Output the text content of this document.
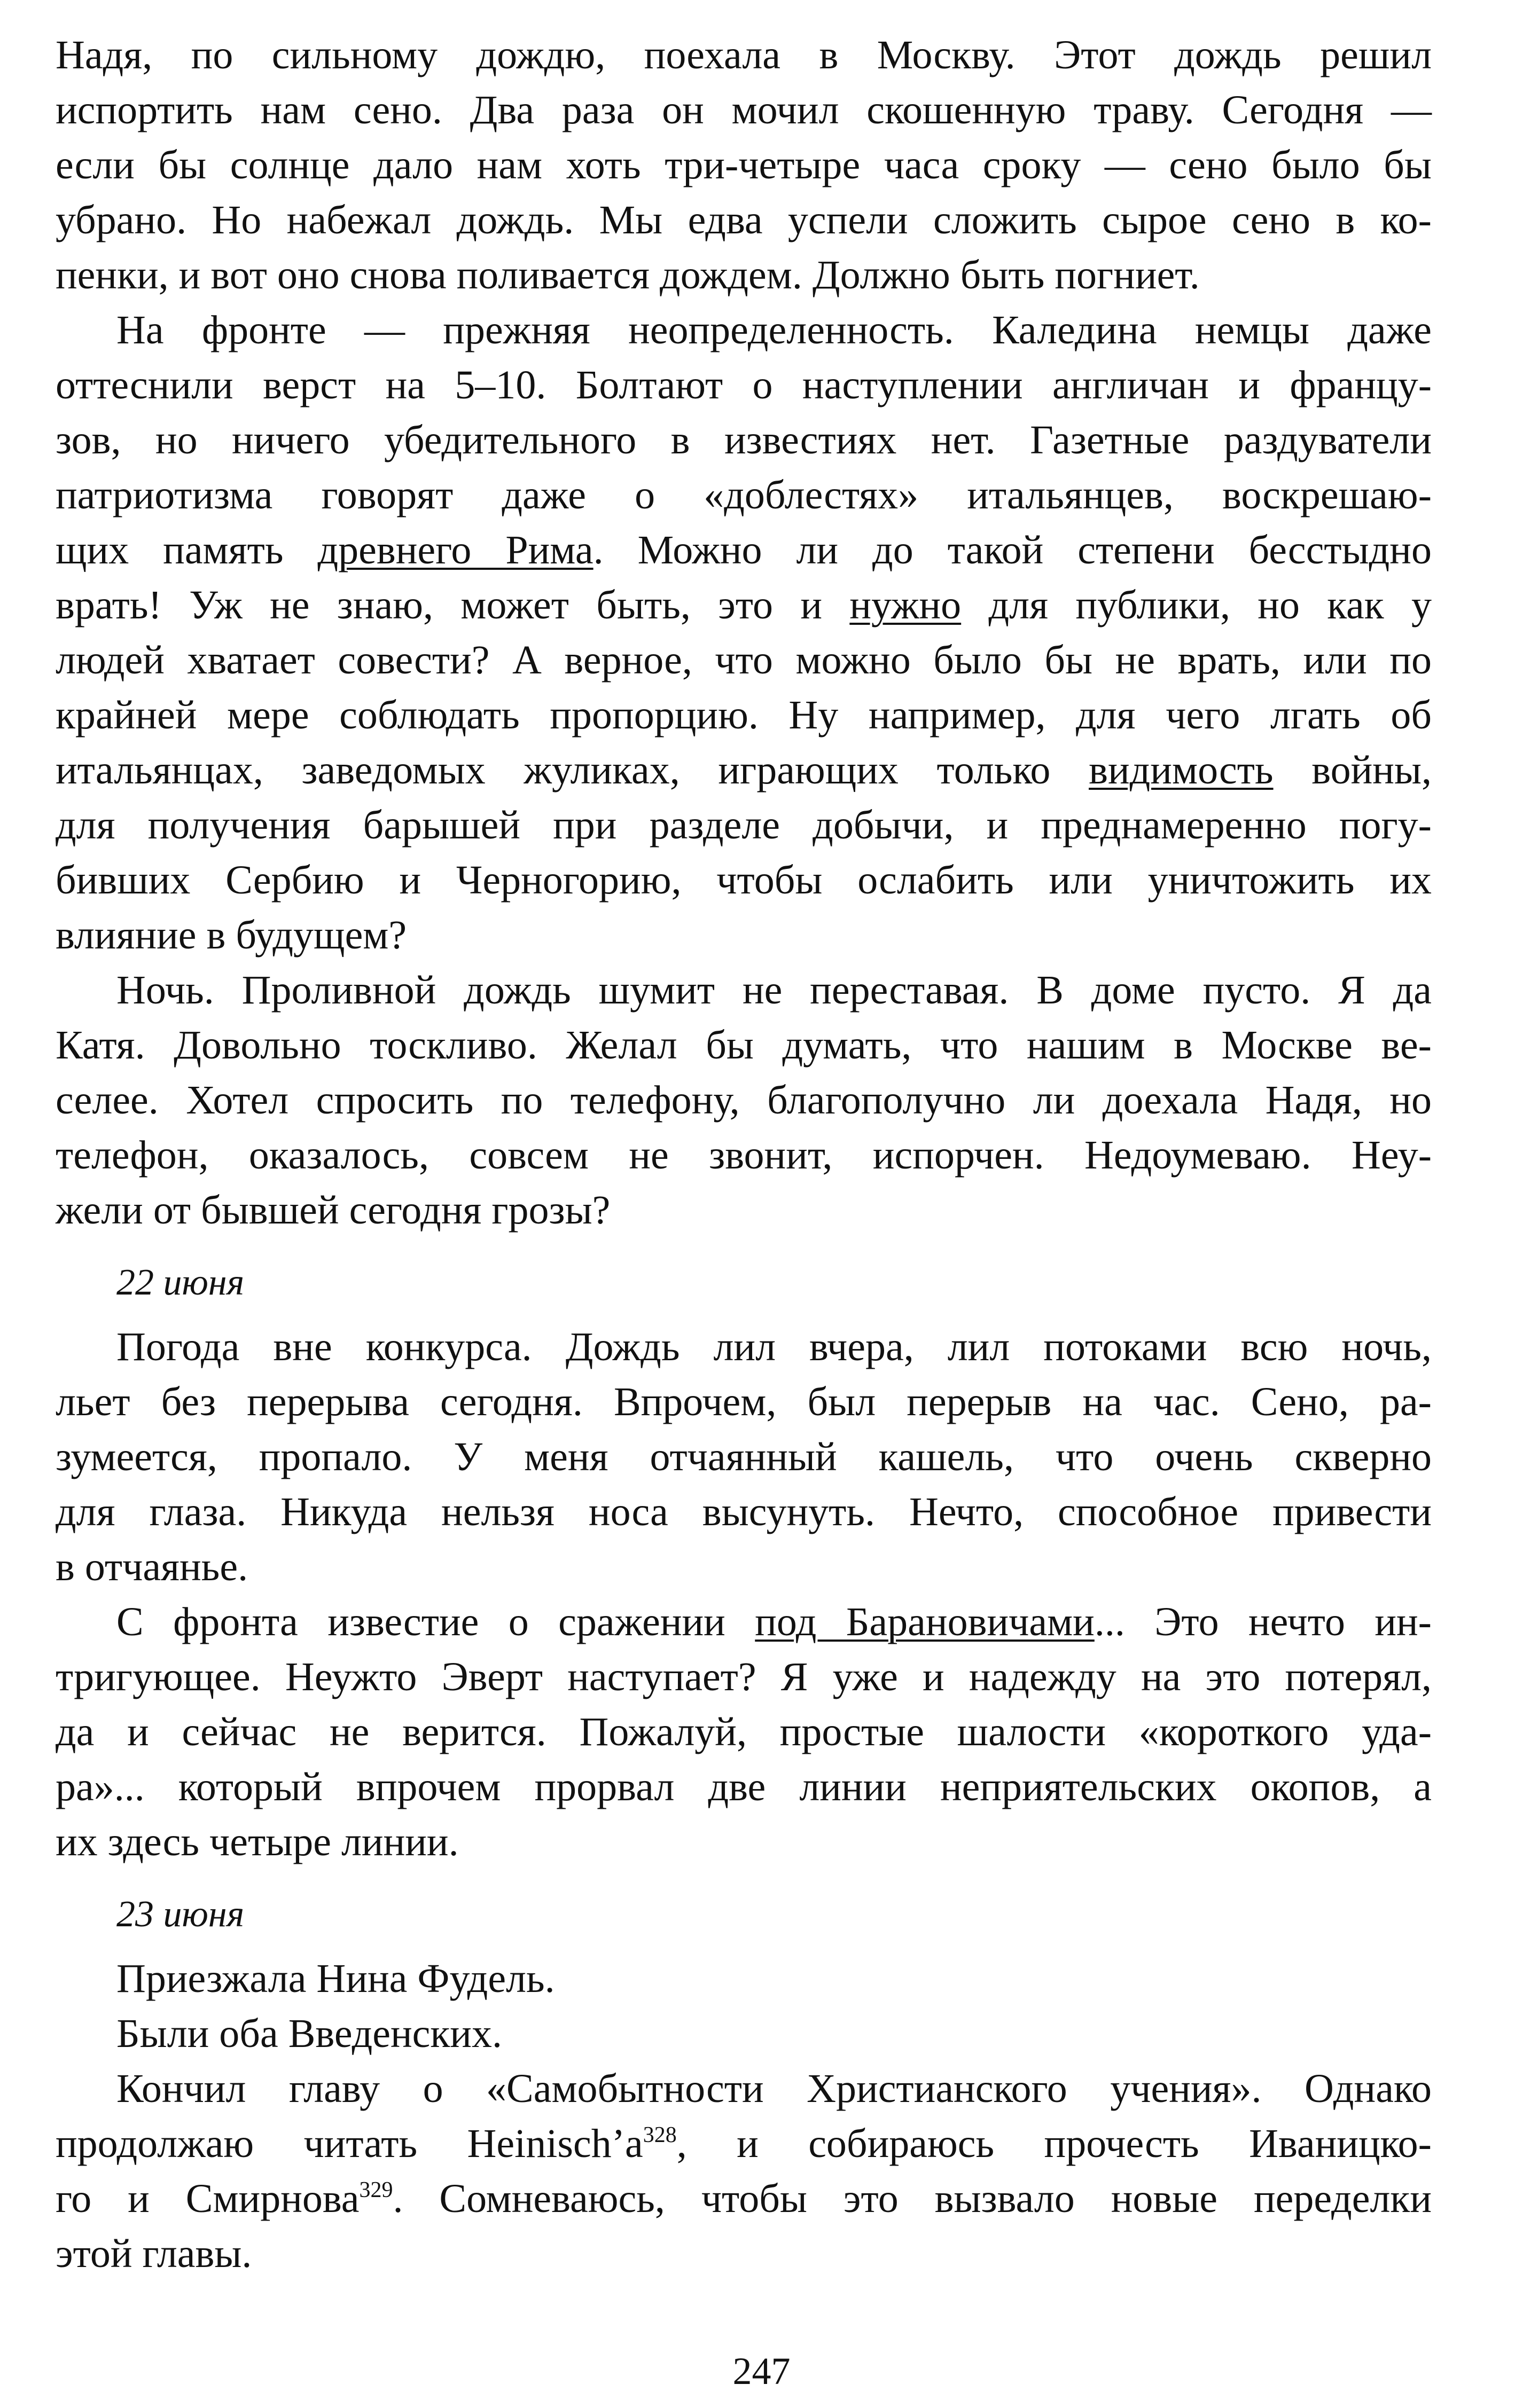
Надя, по сильному дождю, поехала в Москву. Этот дождь решил
испортить нам сено. Два раза он мочил скошенную траву. Сегодня —
если бы солнце дало нам хоть три-четыре часа сроку — сено было бы
убрано. Но набежал дождь. Мы едва успели сложить сырое сено в ко-
пенки, и вот оно снова поливается дождем. Должно быть погниет.
На фронте — прежняя неопределенность. Каледина немцы даже
оттеснили верст на 5–10. Болтают о наступлении англичан и францу-
зов, но ничего убедительного в известиях нет. Газетные раздуватели
патриотизма говорят даже о «доблестях» итальянцев, воскрешаю-
щих память древнего Рима. Можно ли до такой степени бесстыдно
врать! Уж не знаю, может быть, это и нужно для публики, но как у
людей хватает совести? А верное, что можно было бы не врать, или по
крайней мере соблюдать пропорцию. Ну например, для чего лгать об
итальянцах, заведомых жуликах, играющих только видимость войны,
для получения барышей при разделе добычи, и преднамеренно погу-
бивших Сербию и Черногорию, чтобы ослабить или уничтожить их
влияние в будущем?
Ночь. Проливной дождь шумит не переставая. В доме пусто. Я да
Катя. Довольно тоскливо. Желал бы думать, что нашим в Москве ве-
селее. Хотел спросить по телефону, благополучно ли доехала Надя, но
телефон, оказалось, совсем не звонит, испорчен. Недоумеваю. Неу-
жели от бывшей сегодня грозы?
22 июня
Погода вне конкурса. Дождь лил вчера, лил потоками всю ночь,
льет без перерыва сегодня. Впрочем, был перерыв на час. Сено, ра-
зумеется, пропало. У меня отчаянный кашель, что очень скверно
для глаза. Никуда нельзя носа высунуть. Нечто, способное привести
в отчаянье.
С фронта известие о сражении под Барановичами... Это нечто ин-
тригующее. Неужто Эверт наступает? Я уже и надежду на это потерял,
да и сейчас не верится. Пожалуй, простые шалости «короткого уда-
ра»... который впрочем прорвал две линии неприятельских окопов, а
их здесь четыре линии.
23 июня
Приезжала Нина Фудель.
Были оба Введенских.
Кончил главу о «Самобытности Христианского учения». Однако
продолжаю читать $Heinisch’a^{328}$, и собираюсь прочесть Иваницко-
го и Смирнова$^{329}$. Сомневаюсь, чтобы это вызвало новые переделки
этой главы.
247
